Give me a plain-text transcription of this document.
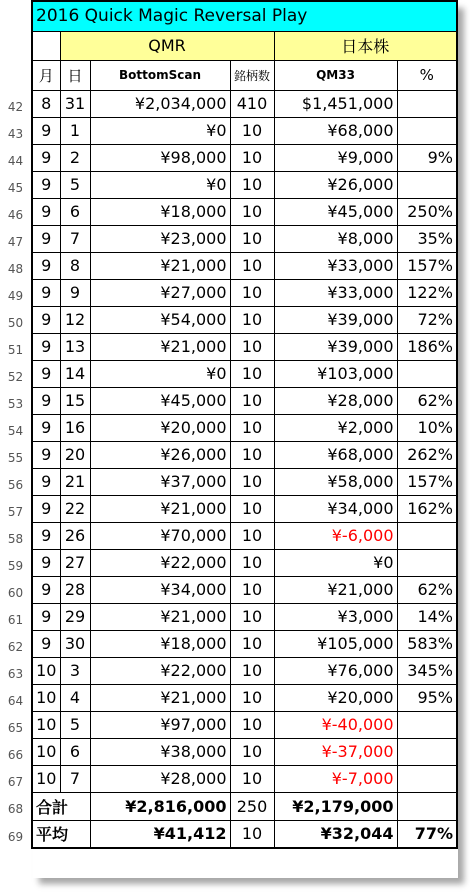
42
43
44
45
46
47
48
49
50
51
52
53
54
55
56
57
58
59
60
61
62
63
64
65
66
67
68
69
2016 Quick Magic Reversal Play					
	QMR			日本株	
月	日	BottomScan	銘柄数	QM33	%
8	31	¥2,034,000	410	$1,451,000	
9	1	¥0	10	¥68,000	
9	2	¥98,000	10	¥9,000	9%
9	5	¥0	10	¥26,000	
9	6	¥18,000	10	¥45,000	250%
9	7	¥23,000	10	¥8,000	35%
9	8	¥21,000	10	¥33,000	157%
9	9	¥27,000	10	¥33,000	122%
9	12	¥54,000	10	¥39,000	72%
9	13	¥21,000	10	¥39,000	186%
9	14	¥0	10	¥103,000	
9	15	¥45,000	10	¥28,000	62%
9	16	¥20,000	10	¥2,000	10%
9	20	¥26,000	10	¥68,000	262%
9	21	¥37,000	10	¥58,000	157%
9	22	¥21,000	10	¥34,000	162%
9	26	¥70,000	10	¥-6,000	
9	27	¥22,000	10	¥0	
9	28	¥34,000	10	¥21,000	62%
9	29	¥21,000	10	¥3,000	14%
9	30	¥18,000	10	¥105,000	583%
10	3	¥22,000	10	¥76,000	345%
10	4	¥21,000	10	¥20,000	95%
10	5	¥97,000	10	¥-40,000	
10	6	¥38,000	10	¥-37,000	
10	7	¥28,000	10	¥-7,000	
合計		¥2,816,000	250	¥2,179,000	
平均		¥41,412	10	¥32,044	77%
